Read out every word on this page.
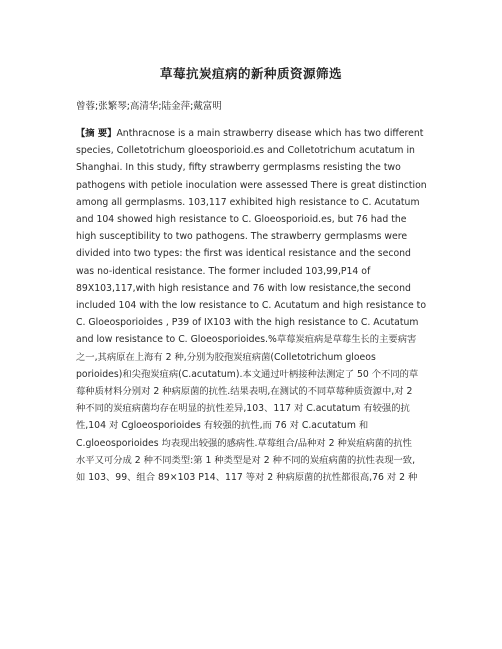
草莓抗炭疽病的新种质资源筛选
曾蓉;张繁琴;高清华;陆金萍;戴富明
【摘 要】Anthracnose is a main strawberry disease which has two different
species, Colletotrichum gloeosporioid.es and Colletotrichum acutatum in
Shanghai. In this study, fifty strawberry germplasms resisting the two
pathogens with petiole inoculation were assessed There is great distinction
among all germplasms. 103,117 exhibited high resistance to C. Acutatum
and 104 showed high resistance to C. Gloeosporioid.es, but 76 had the
high susceptibility to two pathogens. The strawberry germplasms were
divided into two types: the first was identical resistance and the second
was no-identical resistance. The former included 103,99,P14 of
89X103,117,with high resistance and 76 with low resistance,the second
included 104 with the low resistance to C. Acutatum and high resistance to
C. Gloeosporioides , P39 of IX103 with the high resistance to C. Acutatum
and low resistance to C. Gloeosporioides.%草莓炭疽病是草莓生长的主要病害
之一,其病原在上海有 2 种,分别为胶孢炭疽病菌(Colletotrichum gloeos
porioides)和尖孢炭疽病(C.acutatum).本文通过叶柄接种法测定了 50 个不同的草
莓种质材料分别对 2 种病原菌的抗性.结果表明,在测试的不同草莓种质资源中,对 2
种不同的炭疽病菌均存在明显的抗性差异,103、117 对 C.acutatum 有较强的抗
性,104 对 Cgloeosporioides 有较强的抗性,而 76 对 C.acutatum 和
C.gloeosporioides 均表现出较强的感病性.草莓组合/品种对 2 种炭疽病菌的抗性
水平又可分成 2 种不同类型:第 1 种类型是对 2 种不同的炭疽病菌的抗性表现一致,
如 103、99、组合 89×103 P14、117 等对 2 种病原菌的抗性都很高,76 对 2 种
